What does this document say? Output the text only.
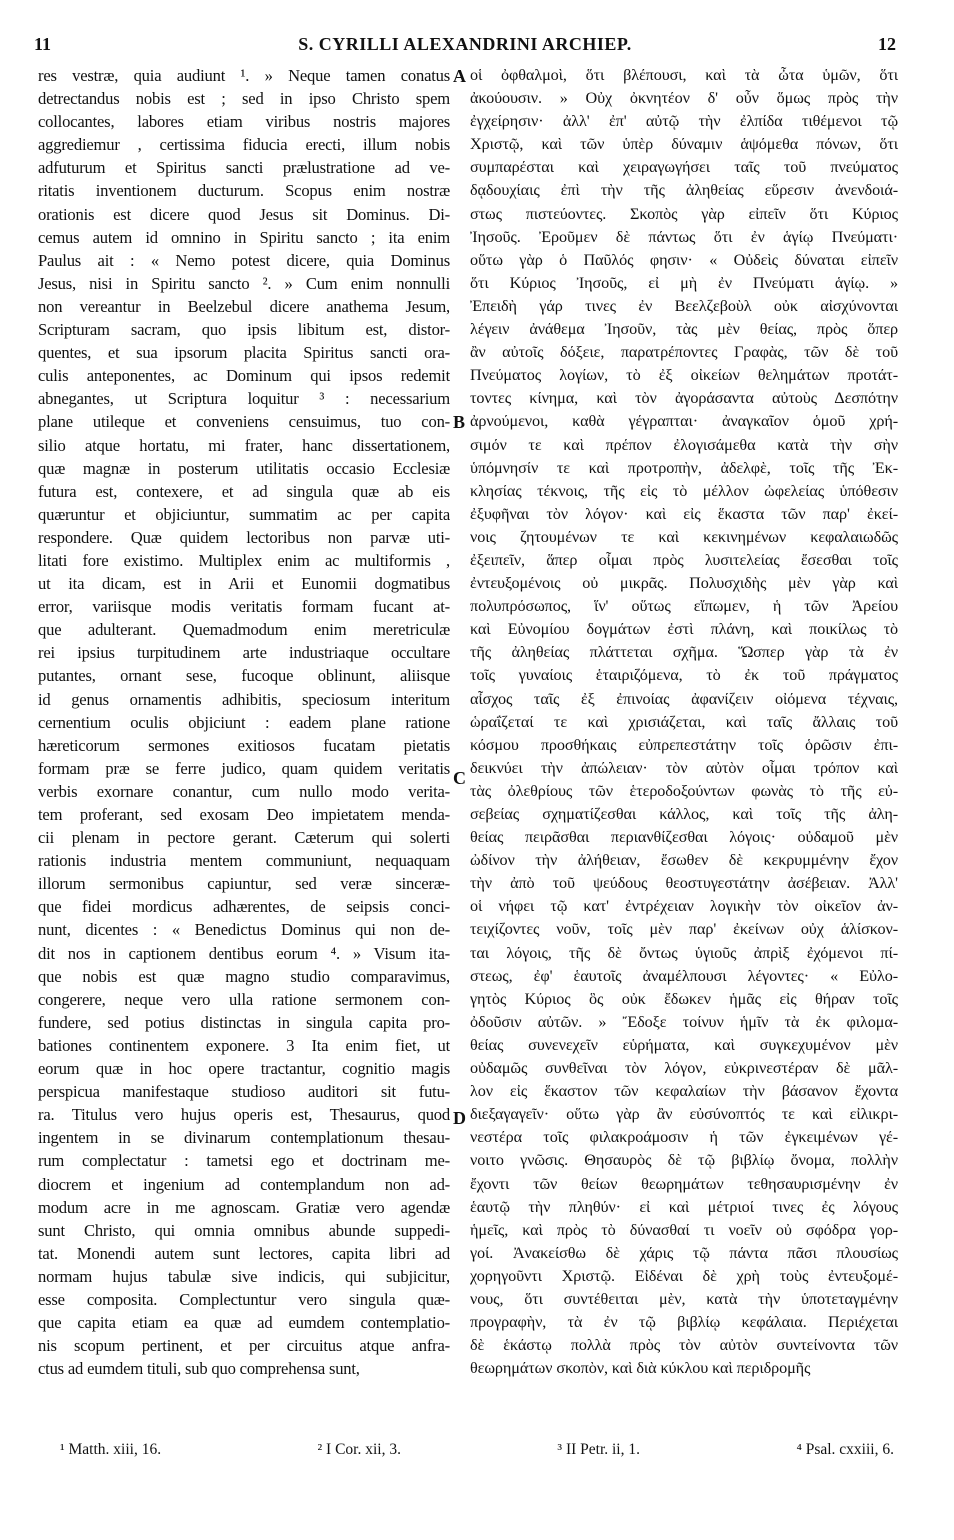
11	S. CYRILLI ALEXANDRINI ARCHIEP.	12
res vestræ, quia audiunt ¹. » Neque tamen conatus
detrectandus nobis est ; sed in ipso Christo spem
collocantes, labores etiam viribus nostris majores
aggrediemur , certissima fiducia erecti, illum nobis
adfuturum et Spiritus sancti prælustratione ad ve-
ritatis inventionem ducturum. Scopus enim nostræ
orationis est dicere quod Jesus sit Dominus. Di-
cemus autem id omnino in Spiritu sancto ; ita enim
Paulus ait : « Nemo potest dicere, quia Dominus
Jesus, nisi in Spiritu sancto ². » Cum enim nonnulli
non vereantur in Beelzebul dicere anathema Jesum,
Scripturam sacram, quo ipsis libitum est, distor-
quentes, et sua ipsorum placita Spiritus sancti ora-
culis anteponentes, ac Dominum qui ipsos redemit
abnegantes, ut Scriptura loquitur ³ : necessarium
plane utileque et conveniens censuimus, tuo con-
silio atque hortatu, mi frater, hanc dissertationem,
quæ magnæ in posterum utilitatis occasio Ecclesiæ
futura est, contexere, et ad singula quæ ab eis
quæruntur et objiciuntur, summatim ac per capita
respondere. Quæ quidem lectoribus non parvæ uti-
litati fore existimo. Multiplex enim ac multiformis ,
ut ita dicam, est in Arii et Eunomii dogmatibus
error, variisque modis veritatis formam fucant at-
que adulterant. Quemadmodum enim meretriculæ
rei ipsius turpitudinem arte industriaque occultare
putantes, ornant sese, fucoque oblinunt, aliisque
id genus ornamentis adhibitis, speciosum interitum
cernentium oculis objiciunt : eadem plane ratione
hæreticorum sermones exitiosos fucatam pietatis
formam præ se ferre judico, quam quidem veritatis
verbis exornare conantur, cum nullo modo verita-
tem proferant, sed exosam Deo impietatem menda-
cii plenam in pectore gerant. Cæterum qui solerti
rationis industria mentem communiunt, nequaquam
illorum sermonibus capiuntur, sed veræ sinceræ-
que fidei mordicus adhærentes, de seipsis conci-
nunt, dicentes : « Benedictus Dominus qui non de-
dit nos in captionem dentibus eorum ⁴. » Visum ita-
que nobis est quæ magno studio comparavimus,
congerere, neque vero ulla ratione sermonem con-
fundere, sed potius distinctas in singula capita pro-
bationes continentem exponere. 3 Ita enim fiet, ut
eorum quæ in hoc opere tractantur, cognitio magis
perspicua manifestaque studioso auditori sit futu-
ra. Titulus vero hujus operis est, Thesaurus, quod
ingentem in se divinarum contemplationum thesau-
rum complectatur : tametsi ego et doctrinam me-
diocrem et ingenium ad contemplandum non ad-
modum acre in me agnoscam. Gratiæ vero agendæ
sunt Christo, qui omnia omnibus abunde suppedi-
tat. Monendi autem sunt lectores, capita libri ad
normam hujus tabulæ sive indicis, qui subjicitur,
esse composita. Complectuntur vero singula quæ-
que capita etiam ea quæ ad eumdem contemplatio-
nis scopum pertinent, et per circuitus atque anfra-
ctus ad eumdem tituli, sub quo comprehensa sunt,
οἱ ὀφθαλμοὶ, ὅτι βλέπουσι, καὶ τὰ ὦτα ὑμῶν, ὅτι
ἀκούουσιν. » Οὐχ ὀκνητέον δ' οὖν ὅμως πρὸς τὴν
ἐγχείρησιν· ἀλλ' ἐπ' αὐτῷ τὴν ἐλπίδα τιθέμενοι τῷ
Χριστῷ, καὶ τῶν ὑπὲρ δύναμιν ἁψόμεθα πόνων, ὅτι
συμπαρέσται καὶ χειραγωγήσει ταῖς τοῦ πνεύματος
δᾳδουχίαις ἐπὶ τὴν τῆς ἀληθείας εὕρεσιν ἀνενδοιά-
στως πιστεύοντες. Σκοπὸς γὰρ εἰπεῖν ὅτι Κύριος
Ἰησοῦς. Ἐροῦμεν δὲ πάντως ὅτι ἐν ἁγίῳ Πνεύματι·
οὕτω γὰρ ὁ Παῦλός φησιν· « Οὐδεὶς δύναται εἰπεῖν
ὅτι Κύριος Ἰησοῦς, εἰ μὴ ἐν Πνεύματι ἁγίῳ. »
Ἐπειδὴ γάρ τινες ἐν Βεελζεβοὺλ οὐκ αἰσχύνονται
λέγειν ἀνάθεμα Ἰησοῦν, τὰς μὲν θείας, πρὸς ὅπερ
ἂν αὐτοῖς δόξειε, παρατρέποντες Γραφὰς, τῶν δὲ τοῦ
Πνεύματος λογίων, τὸ ἐξ οἰκείων θελημάτων προτάτ-
τοντες κίνημα, καὶ τὸν ἀγοράσαντα αὐτοὺς Δεσπότην
ἀρνούμενοι, καθὰ γέγραπται· ἀναγκαῖον ὁμοῦ χρή-
σιμόν τε καὶ πρέπον ἐλογισάμεθα κατὰ τὴν σὴν
ὑπόμνησίν τε καὶ προτροπὴν, ἀδελφὲ, τοῖς τῆς Ἐκ-
κλησίας τέκνοις, τῆς εἰς τὸ μέλλον ὠφελείας ὑπόθεσιν
ἐξυφῆναι τὸν λόγον· καὶ εἰς ἕκαστα τῶν παρ' ἐκεί-
νοις ζητουμένων τε καὶ κεκινημένων κεφαλαιωδῶς
ἐξειπεῖν, ἅπερ οἶμαι πρὸς λυσιτελείας ἔσεσθαι τοῖς
ἐντευξομένοις οὐ μικρᾶς. Πολυσχιδὴς μὲν γὰρ καὶ
πολυπρόσωπος, ἵν' οὕτως εἴπωμεν, ἡ τῶν Ἀρείου
καὶ Εὐνομίου δογμάτων ἐστὶ πλάνη, καὶ ποικίλως τὸ
τῆς ἀληθείας πλάττεται σχῆμα. Ὥσπερ γὰρ τὰ ἐν
τοῖς γυναίοις ἑταιριζόμενα, τὸ ἐκ τοῦ πράγματος
αἶσχος ταῖς ἐξ ἐπινοίας ἀφανίζειν οἰόμενα τέχναις,
ὡραΐζεταί τε καὶ χρισιάζεται, καὶ ταῖς ἄλλαις τοῦ
κόσμου προσθήκαις εὐπρεπεστάτην τοῖς ὁρῶσιν ἐπι-
δεικνύει τὴν ἀπώλειαν· τὸν αὐτὸν οἶμαι τρόπον καὶ
τὰς ὀλεθρίους τῶν ἑτεροδοξούντων φωνὰς τὸ τῆς εὐ-
σεβείας σχηματίζεσθαι κάλλος, καὶ τοῖς τῆς ἀλη-
θείας πειρᾶσθαι περιανθίζεσθαι λόγοις· οὐδαμοῦ μὲν
ὠδίνον τὴν ἀλήθειαν, ἔσωθεν δὲ κεκρυμμένην ἔχον
τὴν ἀπὸ τοῦ ψεύδους θεοστυγεστάτην ἀσέβειαν. Ἀλλ'
οἱ νήφει τῷ κατ' ἐντρέχειαν λογικὴν τὸν οἰκεῖον ἀν-
τειχίζοντες νοῦν, τοῖς μὲν παρ' ἐκείνων οὐχ ἁλίσκον-
ται λόγοις, τῆς δὲ ὄντως ὑγιοῦς ἀπρὶξ ἐχόμενοι πί-
στεως, ἐφ' ἑαυτοῖς ἀναμέλπουσι λέγοντες· « Εὐλο-
γητὸς Κύριος ὃς οὐκ ἔδωκεν ἡμᾶς εἰς θήραν τοῖς
ὀδοῦσιν αὐτῶν. » Ἔδοξε τοίνυν ἡμῖν τὰ ἐκ φιλομα-
θείας συνενεχεῖν εὑρήματα, καὶ συγκεχυμένον μὲν
οὐδαμῶς συνθεῖναι τὸν λόγον, εὐκρινεστέραν δὲ μᾶλ-
λον εἰς ἕκαστον τῶν κεφαλαίων τὴν βάσανον ἔχοντα
διεξαγαγεῖν· οὕτω γὰρ ἂν εὐσύνοπτός τε καὶ εἰλικρι-
νεστέρα τοῖς φιλακροάμοσιν ἡ τῶν ἐγκειμένων γέ-
νοιτο γνῶσις. Θησαυρὸς δὲ τῷ βιβλίῳ ὄνομα, πολλὴν
ἔχοντι τῶν θείων θεωρημάτων τεθησαυρισμένην ἐν
ἑαυτῷ τὴν πληθύν· εἰ καὶ μέτριοί τινες ἐς λόγους
ἡμεῖς, καὶ πρὸς τὸ δύνασθαί τι νοεῖν οὐ σφόδρα γορ-
γοί. Ἀνακείσθω δὲ χάρις τῷ πάντα πᾶσι πλουσίως
χορηγοῦντι Χριστῷ. Εἰδέναι δὲ χρὴ τοὺς ἐντευξομέ-
νους, ὅτι συντέθειται μὲν, κατὰ τὴν ὑποτεταγμένην
προγραφὴν, τὰ ἐν τῷ βιβλίῳ κεφάλαια. Περιέχεται
δὲ ἑκάστῳ πολλὰ πρὸς τὸν αὐτὸν συντείνοντα τῶν
θεωρημάτων σκοπὸν, καὶ διὰ κύκλου καὶ περιδρομῆς
A
B
C
D
¹ Matth. xiii, 16.	² I Cor. xii, 3.	³ II Petr. ii, 1.	⁴ Psal. cxxiii, 6.
